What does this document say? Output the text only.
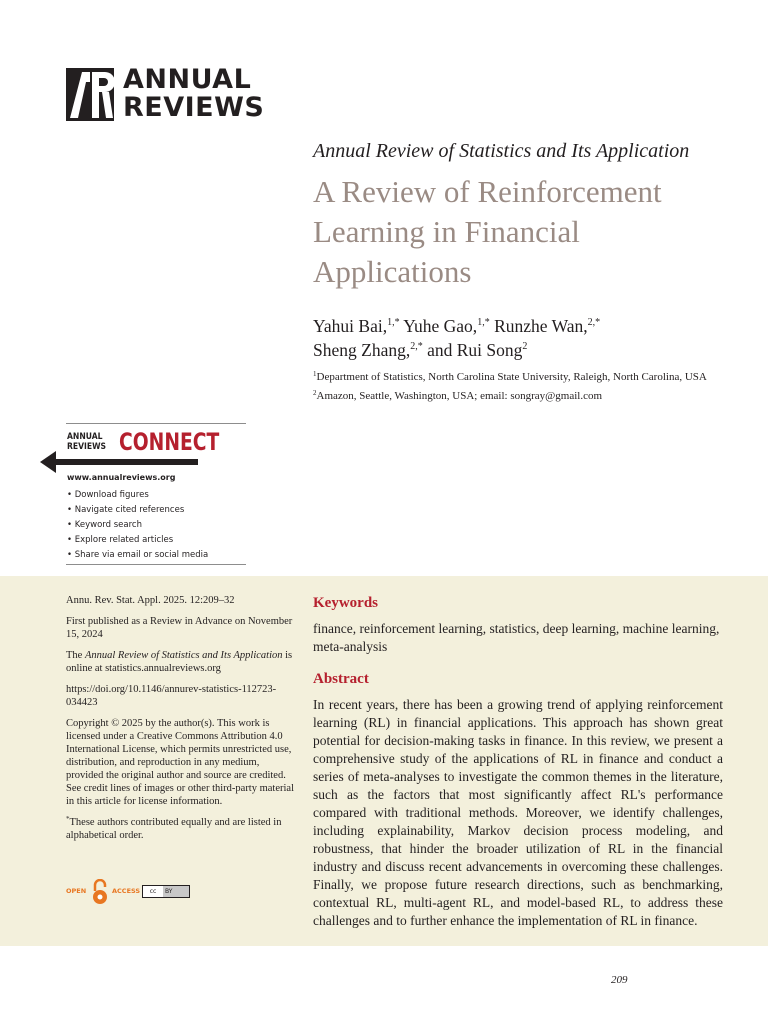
ANNUAL
REVIEWS
Annual Review of Statistics and Its Application
A Review of Reinforcement Learning in Financial Applications
Yahui Bai,$^{1,*}$ Yuhe Gao,$^{1,*}$ Runzhe Wan,$^{2,*}$
Sheng Zhang,$^{2,*}$ and Rui Song$^2$
$^1$Department of Statistics, North Carolina State University, Raleigh, North Carolina, USA
$^2$Amazon, Seattle, Washington, USA; email: songray@gmail.com
ANNUAL
REVIEWS CONNECT
www.annualreviews.org
• Download figures
• Navigate cited references
• Keyword search
• Explore related articles
• Share via email or social media

Annu. Rev. Stat. Appl. 2025. 12:209–32

First published as a Review in Advance on November 15, 2024

The Annual Review of Statistics and Its Application is online at statistics.annualreviews.org

https://doi.org/10.1146/annurev-statistics-112723-034423

Copyright © 2025 by the author(s). This work is licensed under a Creative Commons Attribution 4.0 International License, which permits unrestricted use, distribution, and reproduction in any medium, provided the original author and source are credited. See credit lines of images or other third-party material in this article for license information.

*These authors contributed equally and are listed in alphabetical order.

OPEN	ACCESS	cc	BY
Keywords

finance, reinforcement learning, statistics, deep learning, machine learning, meta-analysis

Abstract

In recent years, there has been a growing trend of applying reinforcement learning (RL) in financial applications. This approach has shown great potential for decision-making tasks in finance. In this review, we present a comprehensive study of the applications of RL in finance and conduct a series of meta-analyses to investigate the common themes in the literature, such as the factors that most significantly affect RL's performance compared with traditional methods. Moreover, we identify challenges, including explainability, Markov decision process modeling, and robustness, that hinder the broader utilization of RL in the financial industry and discuss recent advancements in overcoming these challenges. Finally, we propose future research directions, such as benchmarking, contextual RL, multi-agent RL, and model-based RL, to address these challenges and to further enhance the implementation of RL in finance.

209
